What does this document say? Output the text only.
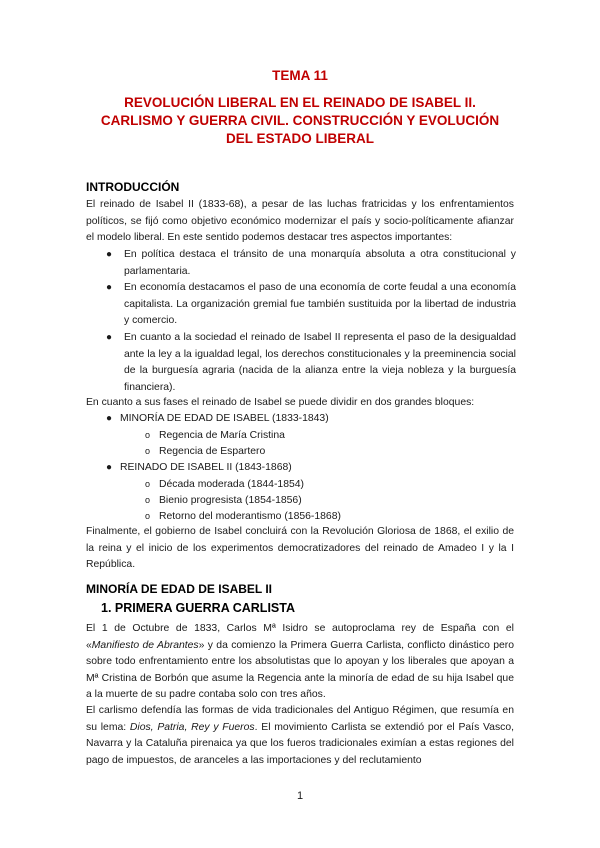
TEMA 11
REVOLUCIÓN LIBERAL EN EL REINADO DE ISABEL II.
CARLISMO Y GUERRA CIVIL. CONSTRUCCIÓN Y EVOLUCIÓN
DEL ESTADO LIBERAL
INTRODUCCIÓN
El reinado de Isabel II (1833-68), a pesar de las luchas fratricidas y los enfrentamientos políticos, se fijó como objetivo económico modernizar el país y socio-políticamente afianzar el modelo liberal. En este sentido podemos destacar tres aspectos importantes:
● En política destaca el tránsito de una monarquía absoluta a otra constitucional y parlamentaria.
● En economía destacamos el paso de una economía de corte feudal a una economía capitalista. La organización gremial fue también sustituida por la libertad de industria y comercio.
● En cuanto a la sociedad el reinado de Isabel II representa el paso de la desigualdad ante la ley a la igualdad legal, los derechos constitucionales y la preeminencia social de la burguesía agraria (nacida de la alianza entre la vieja nobleza y la burguesía financiera).
En cuanto a sus fases el reinado de Isabel se puede dividir en dos grandes bloques:
● MINORÍA DE EDAD DE ISABEL (1833-1843)
o Regencia de María Cristina
o Regencia de Espartero
● REINADO DE ISABEL II (1843-1868)
o Década moderada (1844-1854)
o Bienio progresista (1854-1856)
o Retorno del moderantismo (1856-1868)
Finalmente, el gobierno de Isabel concluirá con la Revolución Gloriosa de 1868, el exilio de la reina y el inicio de los experimentos democratizadores del reinado de Amadeo I y la I República.
MINORÍA DE EDAD DE ISABEL II
1. PRIMERA GUERRA CARLISTA
El 1 de Octubre de 1833, Carlos Mª Isidro se autoproclama rey de España con el «Manifiesto de Abrantes» y da comienzo la Primera Guerra Carlista, conflicto dinástico pero sobre todo enfrentamiento entre los absolutistas que lo apoyan y los liberales que apoyan a Mª Cristina de Borbón que asume la Regencia ante la minoría de edad de su hija Isabel que a la muerte de su padre contaba solo con tres años.
El carlismo defendía las formas de vida tradicionales del Antiguo Régimen, que resumía en su lema: Dios, Patria, Rey y Fueros. El movimiento Carlista se extendió por el País Vasco, Navarra y la Cataluña pirenaica ya que los fueros tradicionales eximían a estas regiones del pago de impuestos, de aranceles a las importaciones y del reclutamiento
1
